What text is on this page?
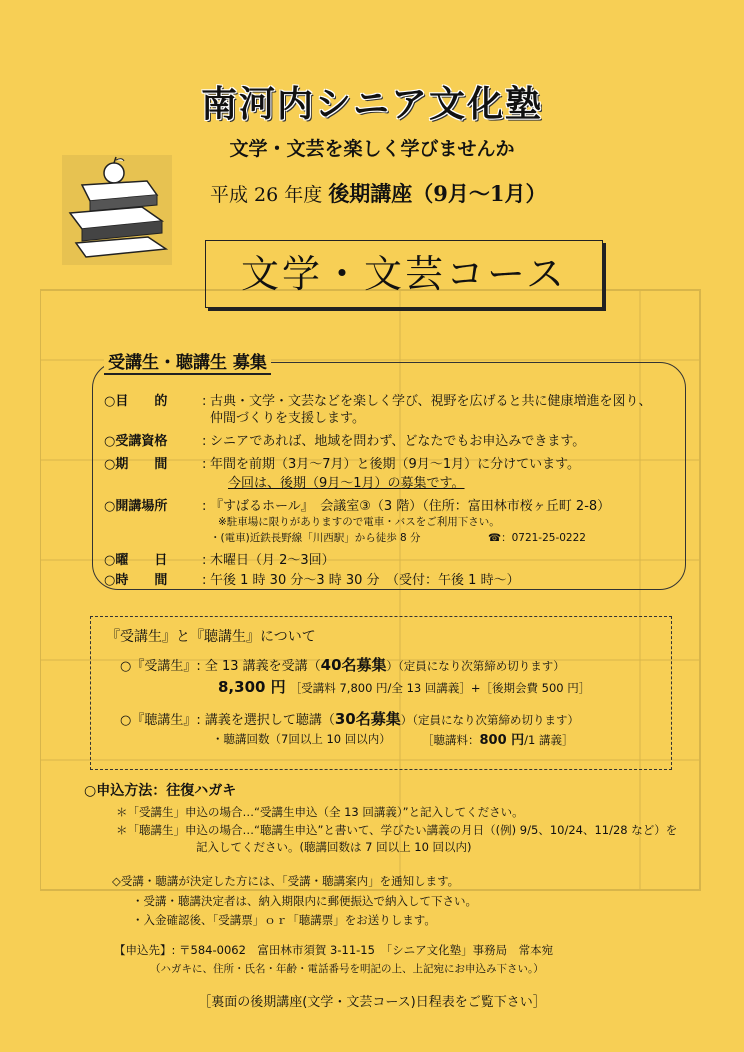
南河内シニア文化塾
文学・文芸を楽しく学びませんか
平成 26 年度 後期講座（9月～1月）
文学・文芸コース
受講生・聴講生 募集
○目　　的	: 古典・文学・文芸などを楽しく学び、視野を広げると共に健康増進を図り、
仲間づくりを支援します。
○受講資格	: シニアであれば、地域を問わず、どなたでもお申込みできます。
○期　　間	: 年間を前期（3月～7月）と後期（9月～1月）に分けています。
今回は、後期（9月～1月）の募集です。
○開講場所	: 『すばるホール』　会議室③（3 階）（住所：富田林市桜ヶ丘町 2-8）
※駐車場に限りがありますので電車・バスをご利用下さい。
・(電車)近鉄長野線「川西駅」から徒歩 8 分	☎：0721-25-0222
○曜　　日	: 木曜日（月 2～3回）
○時　　間	: 午後 1 時 30 分～3 時 30 分　（受付：午後 1 時～）
『受講生』と『聴講生』について
○『受講生』: 全 13 講義を受講（40名募集）（定員になり次第締め切ります）
8,300 円 ［受講料 7,800 円/全 13 回講義］+［後期会費 500 円］
○『聴講生』: 講義を選択して聴講（30名募集）（定員になり次第締め切ります）
・聴講回数（7回以上 10 回以内）	［聴講料：800 円/1 講義］
○申込方法：往復ハガキ
＊「受講生」申込の場合…“受講生申込（全 13 回講義）”と記入してください。
＊「聴講生」申込の場合…“聴講生申込”と書いて、学びたい講義の月日（(例) 9/5、10/24、11/28 など）を
記入してください。(聴講回数は 7 回以上 10 回以内)
◇受講・聴講が決定した方には、「受講・聴講案内」を通知します。
・受講・聴講決定者は、納入期限内に郵便振込で納入して下さい。
・入金確認後、「受講票」ｏｒ「聴講票」をお送りします。
【申込先】: 〒584-0062　富田林市須賀 3-11-15　「シニア文化塾」事務局　常本宛
（ハガキに、住所・氏名・年齢・電話番号を明記の上、上記宛にお申込み下さい。）
［裏面の後期講座(文学・文芸コース)日程表をご覧下さい］
